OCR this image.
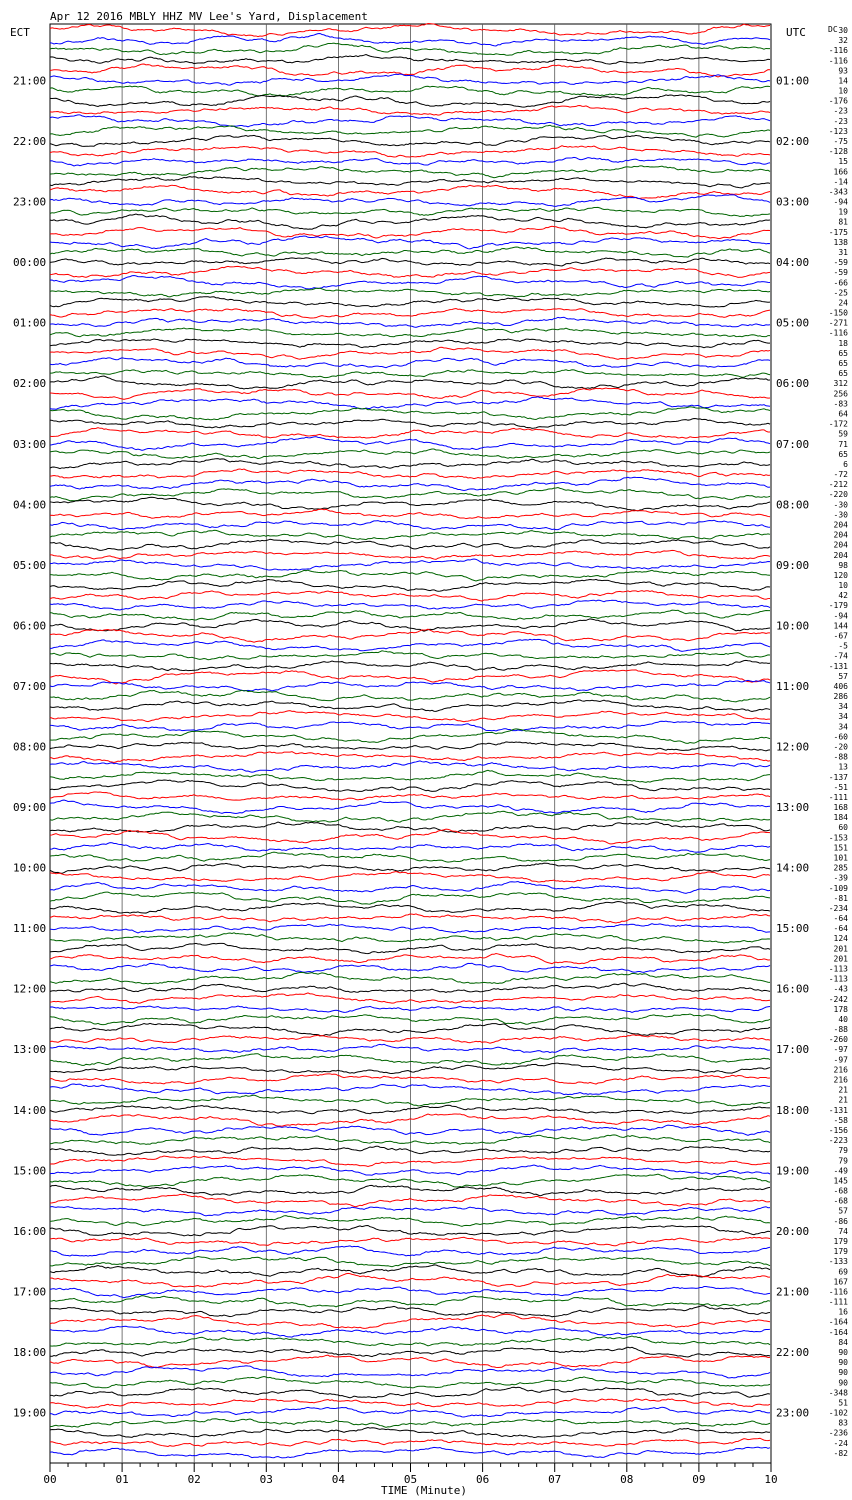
Apr 12 2016 MBLY HHZ MV Lee's Yard, Displacement
ECT	UTC	DC
TIME (Minute)
00	01	02	03	04	05	06	07	08	09	10
21:00	01:00
22:00	02:00
23:00	03:00
00:00	04:00
01:00	05:00
02:00	06:00
03:00	07:00
04:00	08:00
05:00	09:00
06:00	10:00
07:00	11:00
08:00	12:00
09:00	13:00
10:00	14:00
11:00	15:00
12:00	16:00
13:00	17:00
14:00	18:00
15:00	19:00
16:00	20:00
17:00	21:00
18:00	22:00
19:00	23:00
30
32
-116
-116
93
14
10
-176
-23
-23
-123
-75
-128
15
166
-14
-343
-94
19
81
-175
138
31
-59
-59
-66
-25
24
-150
-271
-116
18
65
65
65
312
256
-83
64
-172
59
71
65
6
-72
-212
-220
-30
-30
204
204
204
204
98
120
10
42
-179
-94
144
-67
-5
-74
-131
57
406
286
34
34
34
-60
-20
-88
13
-137
-51
-111
168
184
60
-153
151
101
285
-39
-109
-81
-234
-64
-64
124
201
201
-113
-113
-43
-242
178
40
-88
-260
-97
-97
216
216
21
21
-131
-58
-156
-223
79
79
-49
145
-68
-68
57
-86
74
179
179
-133
69
167
-116
-111
16
-164
-164
84
90
90
90
90
-348
51
-102
83
-236
-24
-82
